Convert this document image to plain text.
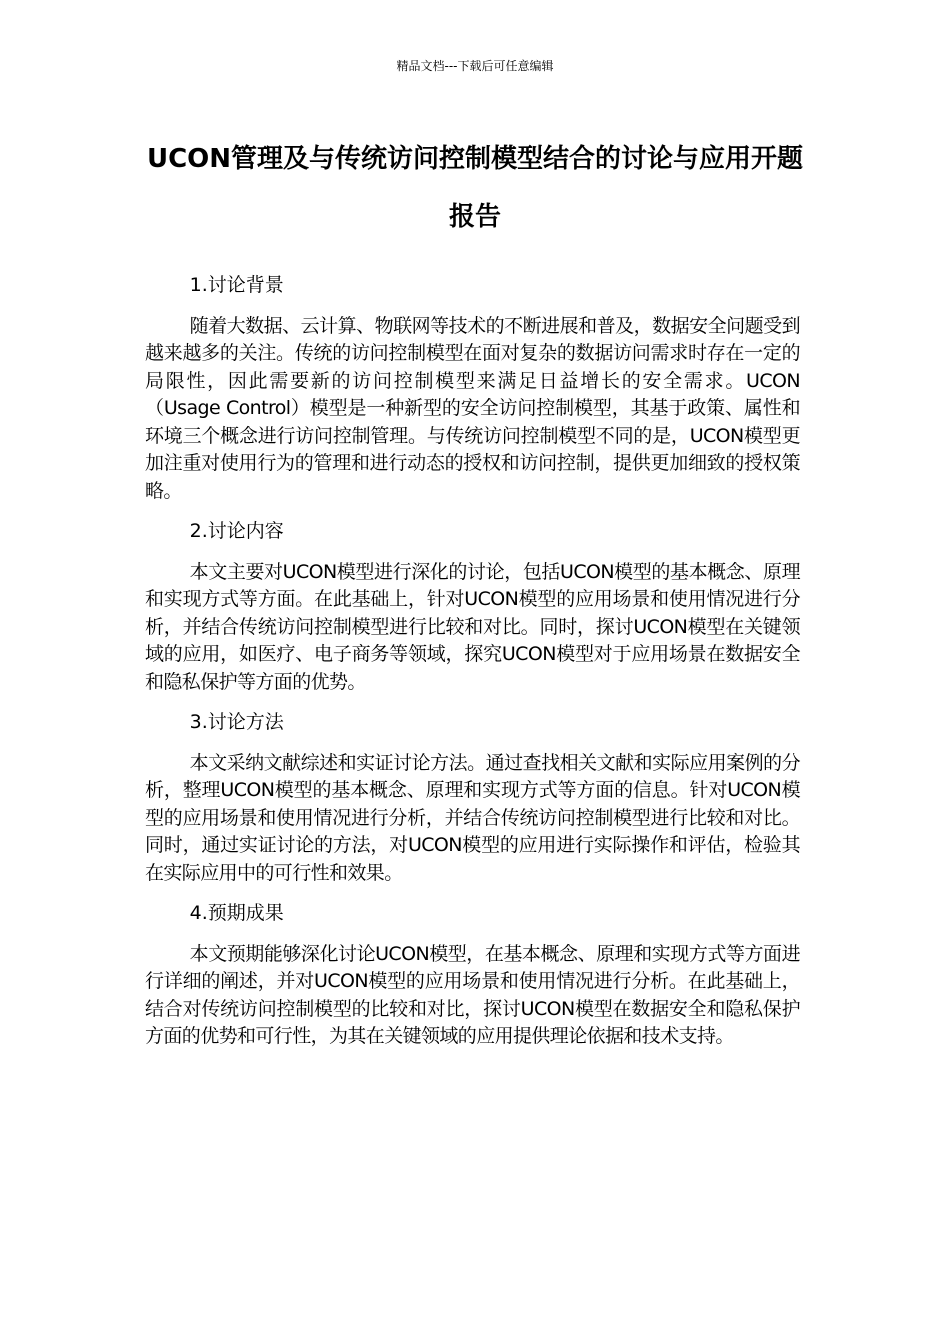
精品文档---下载后可任意编辑
UCON管理及与传统访问控制模型结合的讨论与应用开题报告

1.讨论背景

随着大数据、云计算、物联网等技术的不断进展和普及，数据安全问题受到越来越多的关注。传统的访问控制模型在面对复杂的数据访问需求时存在一定的局限性，因此需要新的访问控制模型来满足日益增长的安全需求。UCON（Usage Control）模型是一种新型的安全访问控制模型，其基于政策、属性和环境三个概念进行访问控制管理。与传统访问控制模型不同的是，UCON模型更加注重对使用行为的管理和进行动态的授权和访问控制，提供更加细致的授权策略。

2.讨论内容

本文主要对UCON模型进行深化的讨论，包括UCON模型的基本概念、原理和实现方式等方面。在此基础上，针对UCON模型的应用场景和使用情况进行分析，并结合传统访问控制模型进行比较和对比。同时，探讨UCON模型在关键领域的应用，如医疗、电子商务等领域，探究UCON模型对于应用场景在数据安全和隐私保护等方面的优势。

3.讨论方法

本文采纳文献综述和实证讨论方法。通过查找相关文献和实际应用案例的分析，整理UCON模型的基本概念、原理和实现方式等方面的信息。针对UCON模型的应用场景和使用情况进行分析，并结合传统访问控制模型进行比较和对比。同时，通过实证讨论的方法，对UCON模型的应用进行实际操作和评估，检验其在实际应用中的可行性和效果。

4.预期成果

本文预期能够深化讨论UCON模型，在基本概念、原理和实现方式等方面进行详细的阐述，并对UCON模型的应用场景和使用情况进行分析。在此基础上，结合对传统访问控制模型的比较和对比，探讨UCON模型在数据安全和隐私保护方面的优势和可行性，为其在关键领域的应用提供理论依据和技术支持。
